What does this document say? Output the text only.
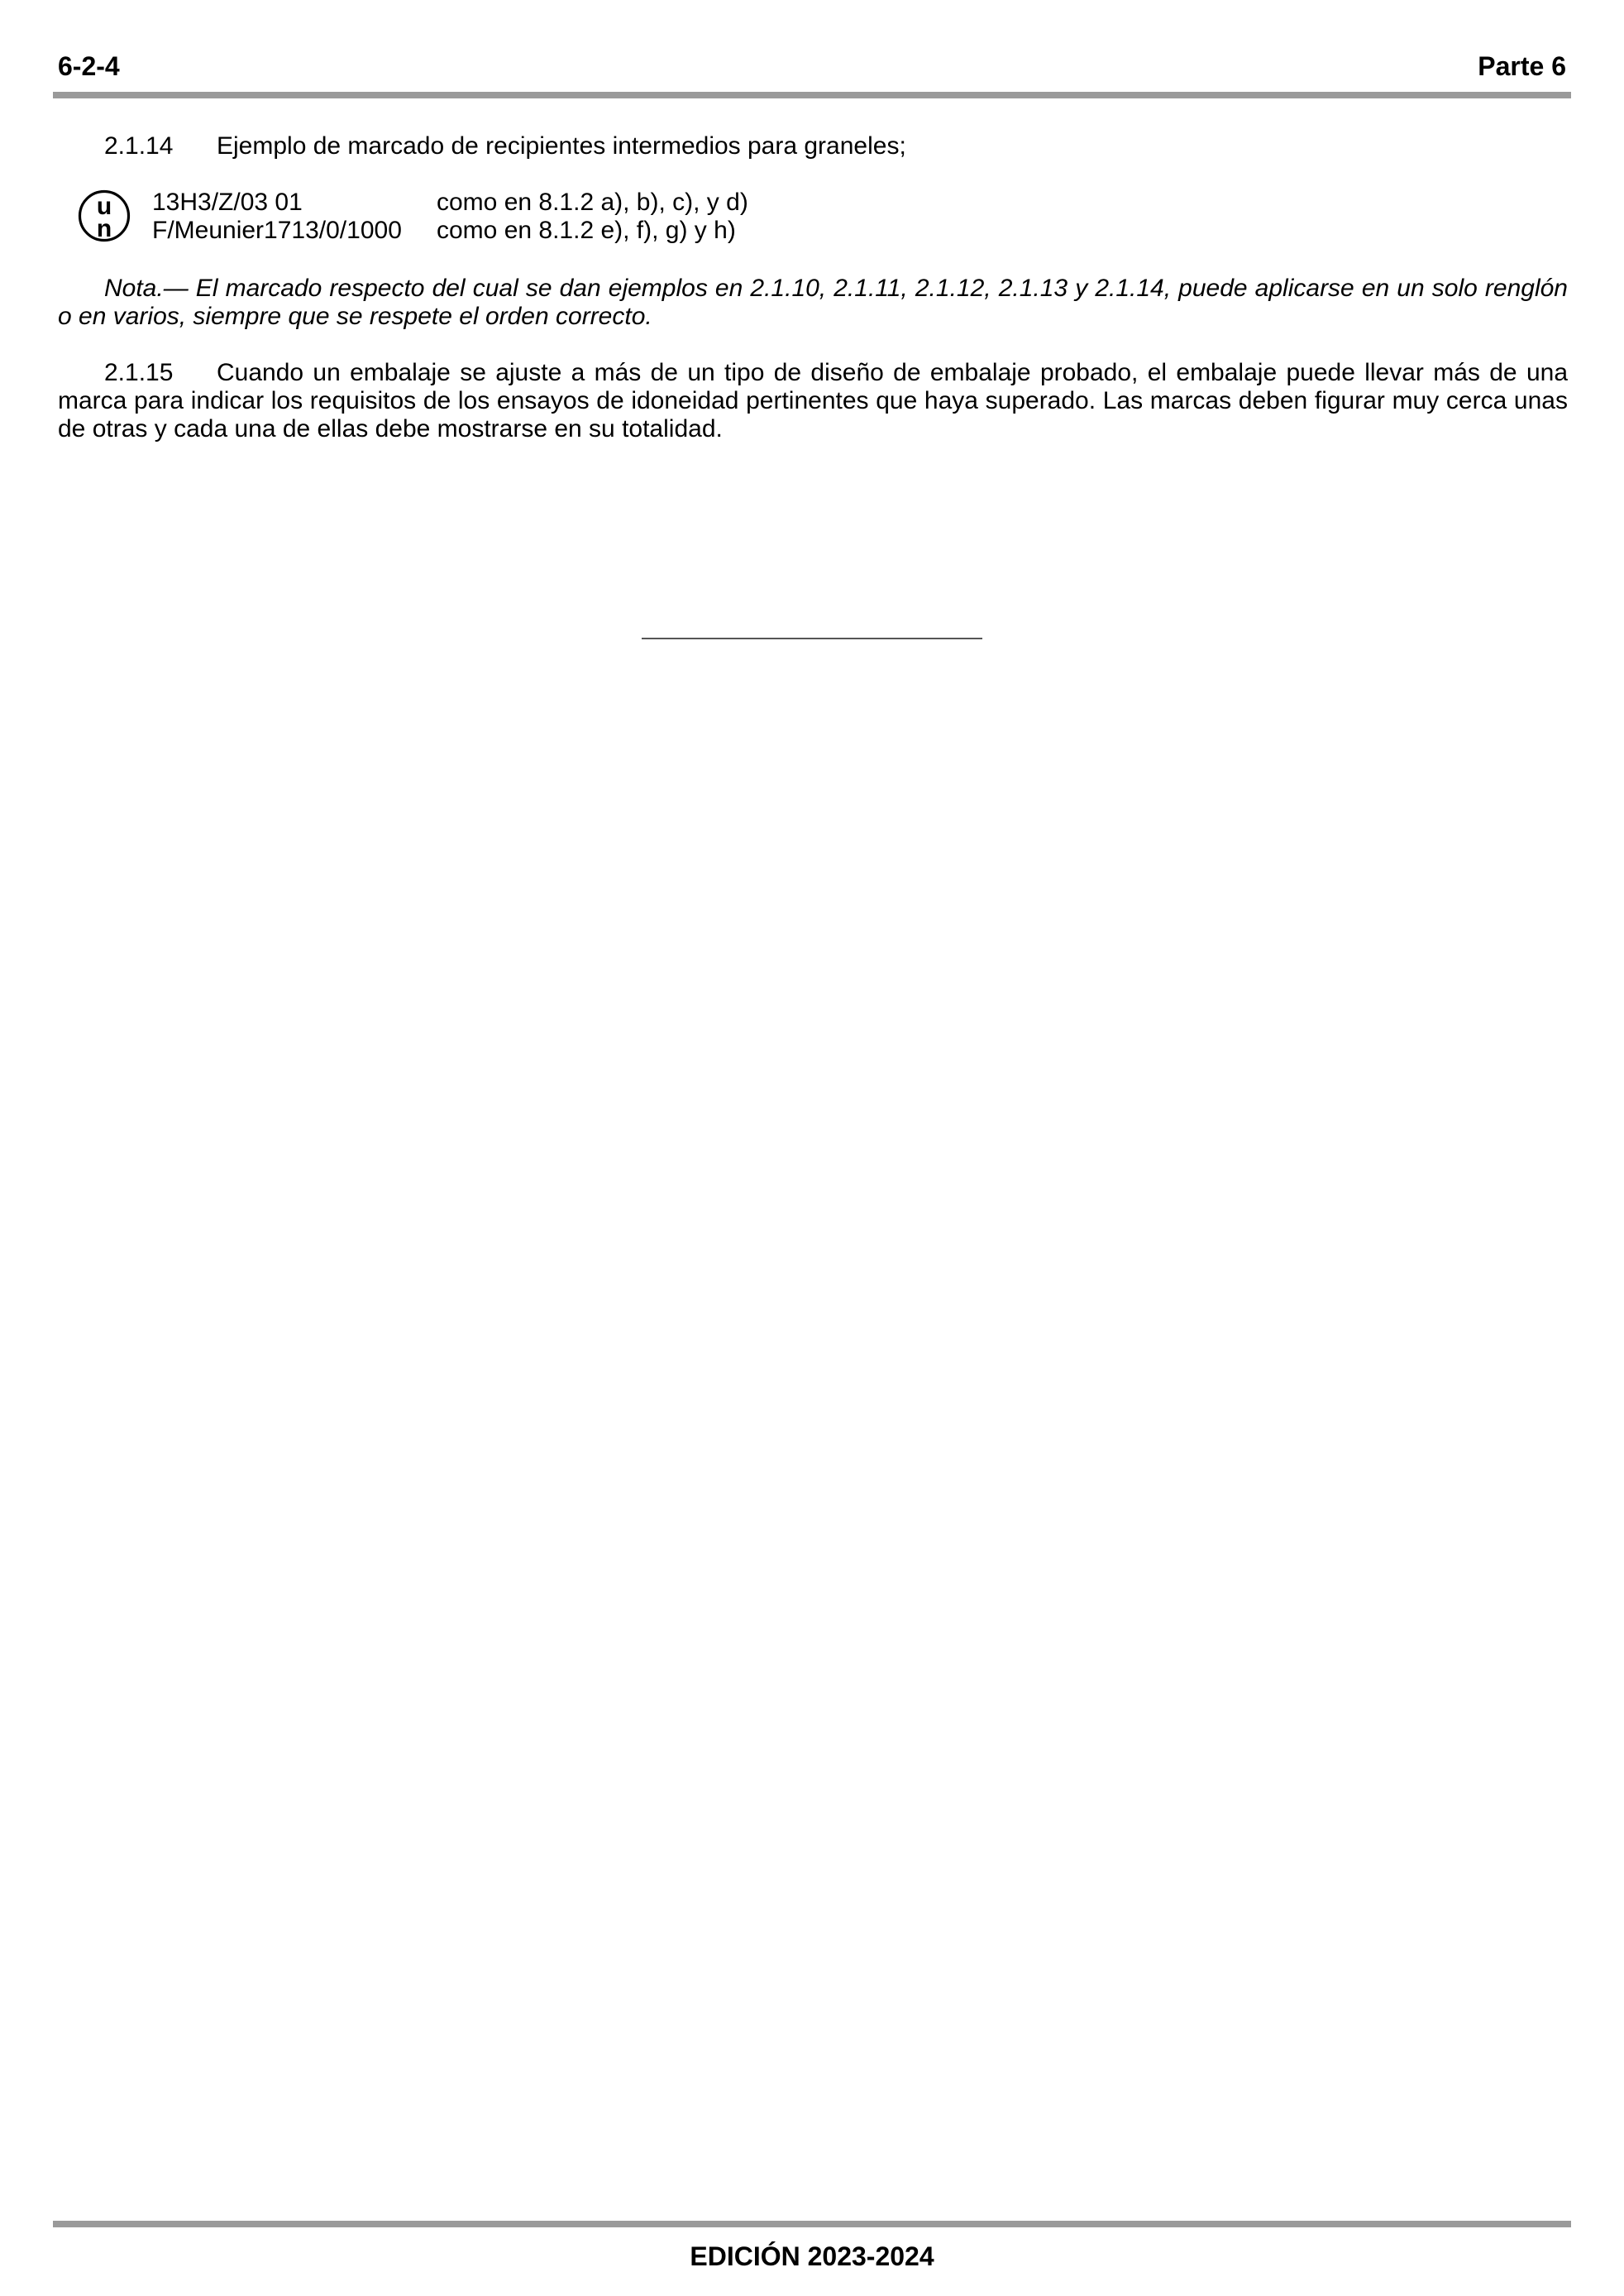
6-2-4	Parte 6

2.1.14 Ejemplo de marcado de recipientes intermedios para graneles;

u
n
13H3/Z/03 01	como en 8.1.2 a), b), c), y d)
F/Meunier1713/0/1000 como en 8.1.2 e), f), g) y h)

Nota.— El marcado respecto del cual se dan ejemplos en 2.1.10, 2.1.11, 2.1.12, 2.1.13 y 2.1.14, puede aplicarse en un solo renglón o en varios, siempre que se respete el orden correcto.

2.1.15 Cuando un embalaje se ajuste a más de un tipo de diseño de embalaje probado, el embalaje puede llevar más de una marca para indicar los requisitos de los ensayos de idoneidad pertinentes que haya superado. Las marcas deben figurar muy cerca unas de otras y cada una de ellas debe mostrarse en su totalidad.

EDICIÓN 2023-2024
